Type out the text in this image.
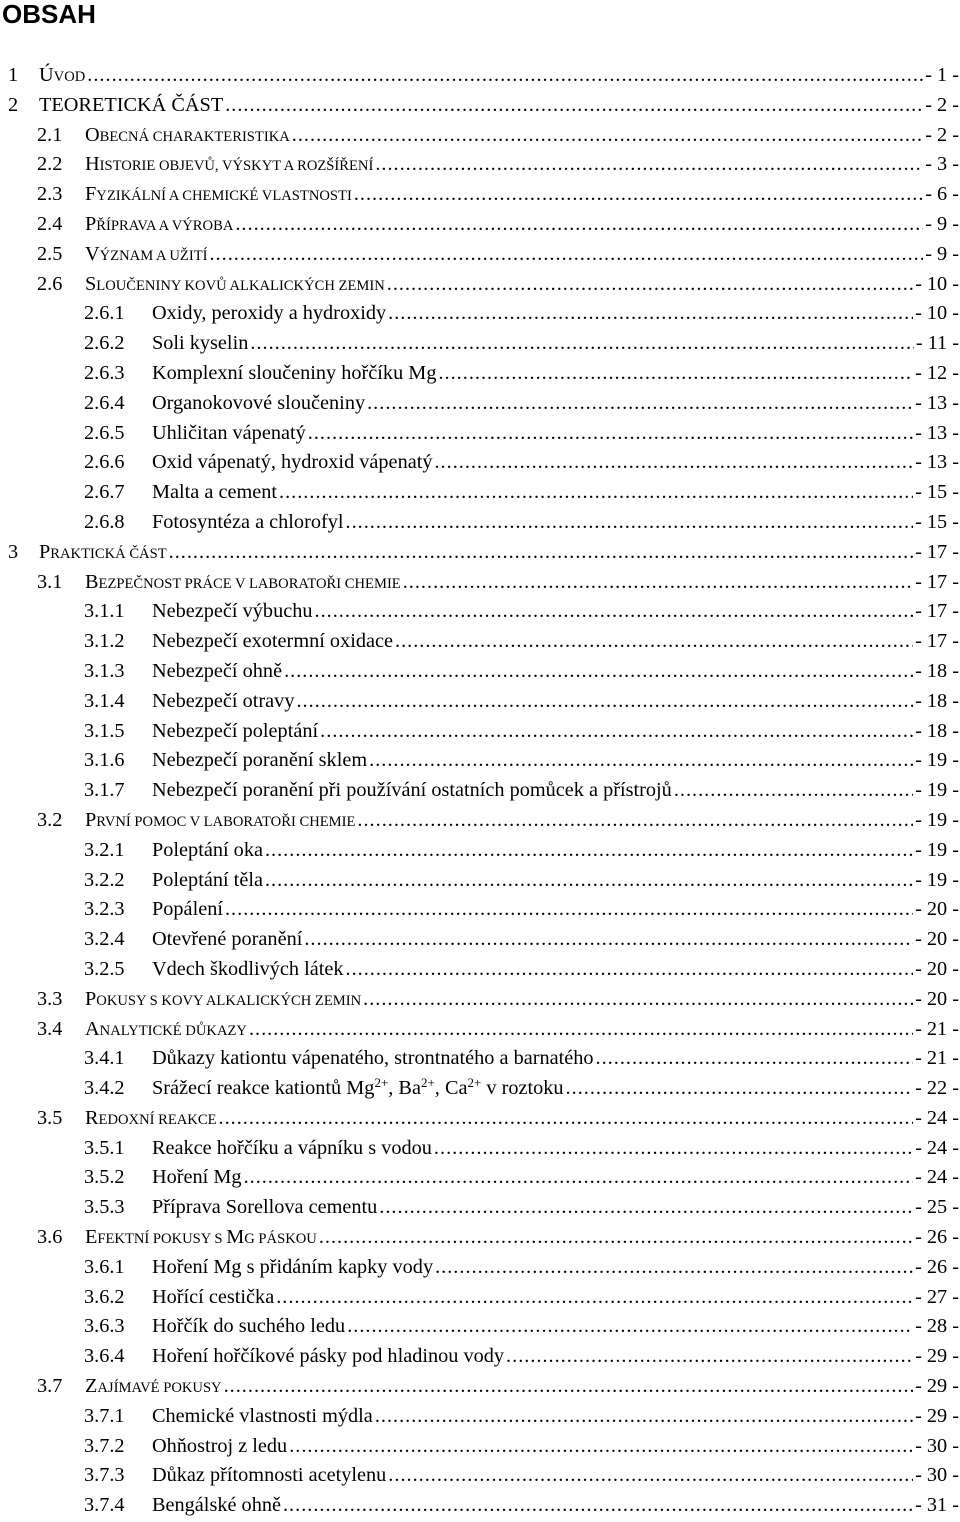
OBSAH
1	ÚVOD .....	- 1 -
2	TEORETICKÁ ČÁST .....	- 2 -
2.1	OBECNÁ CHARAKTERISTIKA .....	- 2 -
2.2	HISTORIE OBJEVŮ, VÝSKYT A ROZŠÍŘENÍ .....	- 3 -
2.3	FYZIKÁLNÍ A CHEMICKÉ VLASTNOSTI .....	- 6 -
2.4	PŘÍPRAVA A VÝROBA .....	- 9 -
2.5	VÝZNAM A UŽITÍ .....	- 9 -
2.6	SLOUČENINY KOVŮ ALKALICKÝCH ZEMIN .....	- 10 -
2.6.1	Oxidy, peroxidy a hydroxidy .....	- 10 -
2.6.2	Soli kyselin .....	- 11 -
2.6.3	Komplexní sloučeniny hořčíku Mg .....	- 12 -
2.6.4	Organokovové sloučeniny .....	- 13 -
2.6.5	Uhličitan vápenatý .....	- 13 -
2.6.6	Oxid vápenatý, hydroxid vápenatý .....	- 13 -
2.6.7	Malta a cement .....	- 15 -
2.6.8	Fotosyntéza a chlorofyl .....	- 15 -
3	PRAKTICKÁ ČÁST .....	- 17 -
3.1	BEZPEČNOST PRÁCE V LABORATOŘI CHEMIE .....	- 17 -
3.1.1	Nebezpečí výbuchu .....	- 17 -
3.1.2	Nebezpečí exotermní oxidace .....	- 17 -
3.1.3	Nebezpečí ohně .....	- 18 -
3.1.4	Nebezpečí otravy .....	- 18 -
3.1.5	Nebezpečí poleptání .....	- 18 -
3.1.6	Nebezpečí poranění sklem .....	- 19 -
3.1.7	Nebezpečí poranění při používání ostatních pomůcek a přístrojů .....	- 19 -
3.2	PRVNÍ POMOC V LABORATOŘI CHEMIE .....	- 19 -
3.2.1	Poleptání oka .....	- 19 -
3.2.2	Poleptání těla .....	- 19 -
3.2.3	Popálení .....	- 20 -
3.2.4	Otevřené poranění .....	- 20 -
3.2.5	Vdech škodlivých látek .....	- 20 -
3.3	POKUSY S KOVY ALKALICKÝCH ZEMIN .....	- 20 -
3.4	ANALYTICKÉ DŮKAZY .....	- 21 -
3.4.1	Důkazy kationtu vápenatého, strontnatého a barnatého .....	- 21 -
3.4.2	Srážecí reakce kationtů $Mg^{2+}$, $Ba^{2+}$, $Ca^{2+}$ v roztoku .....	- 22 -
3.5	REDOXNÍ REAKCE .....	- 24 -
3.5.1	Reakce hořčíku a vápníku s vodou .....	- 24 -
3.5.2	Hoření Mg .....	- 24 -
3.5.3	Příprava Sorellova cementu .....	- 25 -
3.6	EFEKTNÍ POKUSY S MG PÁSKOU .....	- 26 -
3.6.1	Hoření Mg s přidáním kapky vody .....	- 26 -
3.6.2	Hořící cestička .....	- 27 -
3.6.3	Hořčík do suchého ledu .....	- 28 -
3.6.4	Hoření hořčíkové pásky pod hladinou vody .....	- 29 -
3.7	ZAJÍMAVÉ POKUSY .....	- 29 -
3.7.1	Chemické vlastnosti mýdla .....	- 29 -
3.7.2	Ohňostroj z ledu .....	- 30 -
3.7.3	Důkaz přítomnosti acetylenu .....	- 30 -
3.7.4	Bengálské ohně .....	- 31 -
